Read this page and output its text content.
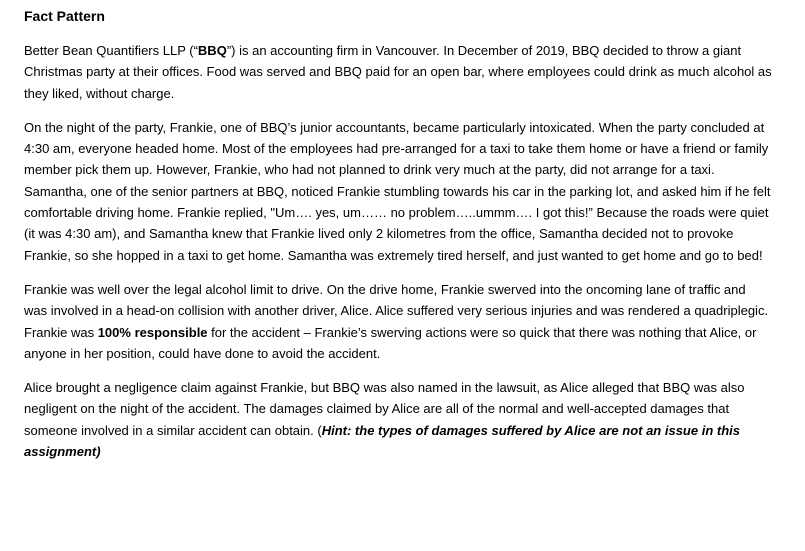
Fact Pattern

Better Bean Quantifiers LLP (“BBQ”) is an accounting firm in Vancouver. In December of 2019, BBQ decided to throw a giant Christmas party at their offices. Food was served and BBQ paid for an open bar, where employees could drink as much alcohol as they liked, without charge.

On the night of the party, Frankie, one of BBQ’s junior accountants, became particularly intoxicated. When the party concluded at 4:30 am, everyone headed home. Most of the employees had pre-arranged for a taxi to take them home or have a friend or family member pick them up. However, Frankie, who had not planned to drink very much at the party, did not arrange for a taxi. Samantha, one of the senior partners at BBQ, noticed Frankie stumbling towards his car in the parking lot, and asked him if he felt comfortable driving home. Frankie replied, "Um…. yes, um…… no problem…..ummm…. I got this!” Because the roads were quiet (it was 4:30 am), and Samantha knew that Frankie lived only 2 kilometres from the office, Samantha decided not to provoke Frankie, so she hopped in a taxi to get home. Samantha was extremely tired herself, and just wanted to get home and go to bed!

Frankie was well over the legal alcohol limit to drive. On the drive home, Frankie swerved into the oncoming lane of traffic and was involved in a head-on collision with another driver, Alice. Alice suffered very serious injuries and was rendered a quadriplegic. Frankie was 100% responsible for the accident – Frankie’s swerving actions were so quick that there was nothing that Alice, or anyone in her position, could have done to avoid the accident.

Alice brought a negligence claim against Frankie, but BBQ was also named in the lawsuit, as Alice alleged that BBQ was also negligent on the night of the accident. The damages claimed by Alice are all of the normal and well-accepted damages that someone involved in a similar accident can obtain. (Hint: the types of damages suffered by Alice are not an issue in this assignment)
